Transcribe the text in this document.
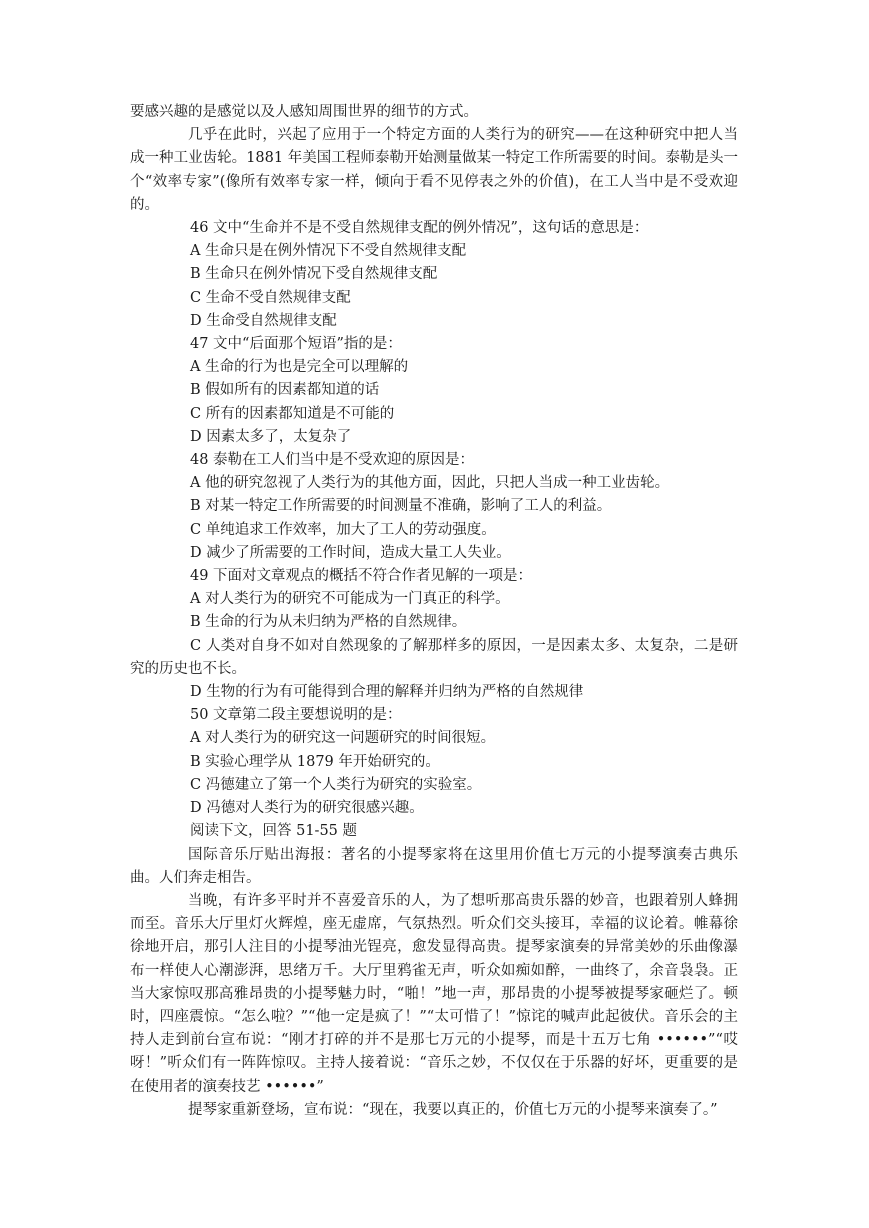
要感兴趣的是感觉以及人感知周围世界的细节的方式。

几乎在此时，兴起了应用于一个特定方面的人类行为的研究——在这种研究中把人当成一种工业齿轮。1881 年美国工程师泰勒开始测量做某一特定工作所需要的时间。泰勒是头一个“效率专家”(像所有效率专家一样，倾向于看不见停表之外的价值)，在工人当中是不受欢迎的。

46 文中“生命并不是不受自然规律支配的例外情况”，这句话的意思是：

A 生命只是在例外情况下不受自然规律支配

B 生命只在例外情况下受自然规律支配

C 生命不受自然规律支配

D 生命受自然规律支配

47 文中“后面那个短语”指的是：

A 生命的行为也是完全可以理解的

B 假如所有的因素都知道的话

C 所有的因素都知道是不可能的

D 因素太多了，太复杂了

48 泰勒在工人们当中是不受欢迎的原因是：

A 他的研究忽视了人类行为的其他方面，因此，只把人当成一种工业齿轮。

B 对某一特定工作所需要的时间测量不准确，影响了工人的利益。

C 单纯追求工作效率，加大了工人的劳动强度。

D 减少了所需要的工作时间，造成大量工人失业。

49 下面对文章观点的概括不符合作者见解的一项是：

A 对人类行为的研究不可能成为一门真正的科学。

B 生命的行为从未归纳为严格的自然规律。

C 人类对自身不如对自然现象的了解那样多的原因，一是因素太多、太复杂，二是研究的历史也不长。

D 生物的行为有可能得到合理的解释并归纳为严格的自然规律

50 文章第二段主要想说明的是：

A 对人类行为的研究这一问题研究的时间很短。

B 实验心理学从 1879 年开始研究的。

C 冯德建立了第一个人类行为研究的实验室。

D 冯德对人类行为的研究很感兴趣。

阅读下文，回答 51-55 题

国际音乐厅贴出海报：著名的小提琴家将在这里用价值七万元的小提琴演奏古典乐曲。人们奔走相告。

当晚，有许多平时并不喜爱音乐的人，为了想听那高贵乐器的妙音，也跟着别人蜂拥而至。音乐大厅里灯火辉煌，座无虚席，气氛热烈。听众们交头接耳，幸福的议论着。帷幕徐徐地开启，那引人注目的小提琴油光锃亮，愈发显得高贵。提琴家演奏的异常美妙的乐曲像瀑布一样使人心潮澎湃，思绪万千。大厅里鸦雀无声，听众如痴如醉，一曲终了，余音袅袅。正当大家惊叹那高雅昂贵的小提琴魅力时，“啪！”地一声，那昂贵的小提琴被提琴家砸烂了。顿时，四座震惊。“怎么啦？”“他一定是疯了！”“太可惜了！”惊诧的喊声此起彼伏。音乐会的主持人走到前台宣布说：“刚才打碎的并不是那七万元的小提琴，而是十五万七角 ••••••”“哎呀！”听众们有一阵阵惊叹。主持人接着说：“音乐之妙，不仅仅在于乐器的好坏，更重要的是在使用者的演奏技艺 ••••••”

提琴家重新登场，宣布说：“现在，我要以真正的，价值七万元的小提琴来演奏了。”
